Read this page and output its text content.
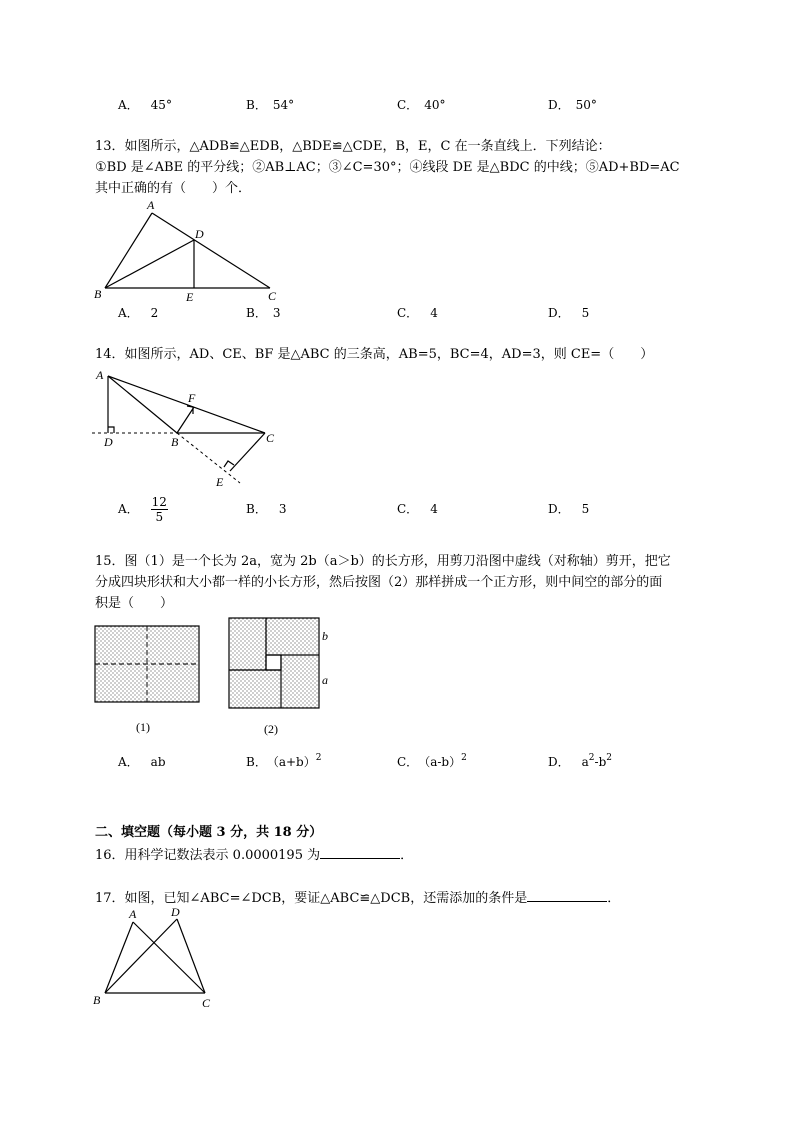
A． 45°	B． 54°	C． 40°	D． 50°
13．如图所示，△ADB≌△EDB，△BDE≌△CDE，B，E，C 在一条直线上．下列结论：
①BD 是∠ABE 的平分线；②AB⊥AC；③∠C=30°；④线段 DE 是△BDC 的中线；⑤AD+BD=AC
其中正确的有（　　）个．
A
D
B	E	C
A． 2	B． 3	C． 4	D． 5
14．如图所示，AD、CE、BF 是△ABC 的三条高，AB=5，BC=4，AD=3，则 CE=（　　）
A
D	B
F
C
E
A． $\frac{12}{5}$	B． 3	C． 4	D． 5
15．图（1）是一个长为 2a，宽为 2b（a＞b）的长方形，用剪刀沿图中虚线（对称轴）剪开，把它
分成四块形状和大小都一样的小长方形，然后按图（2）那样拼成一个正方形，则中间空的部分的面
积是（　　）
(1)
b
a
(2)
A． ab	B． $(a+b)^2$	C． $(a-b)^2$	D． $a^2-b^2$
二、填空题（每小题 3 分，共 18 分）
16．用科学记数法表示 0.0000195 为	．
17．如图，已知∠ABC=∠DCB，要证△ABC≌△DCB，还需添加的条件是	．
A	D
B	C
